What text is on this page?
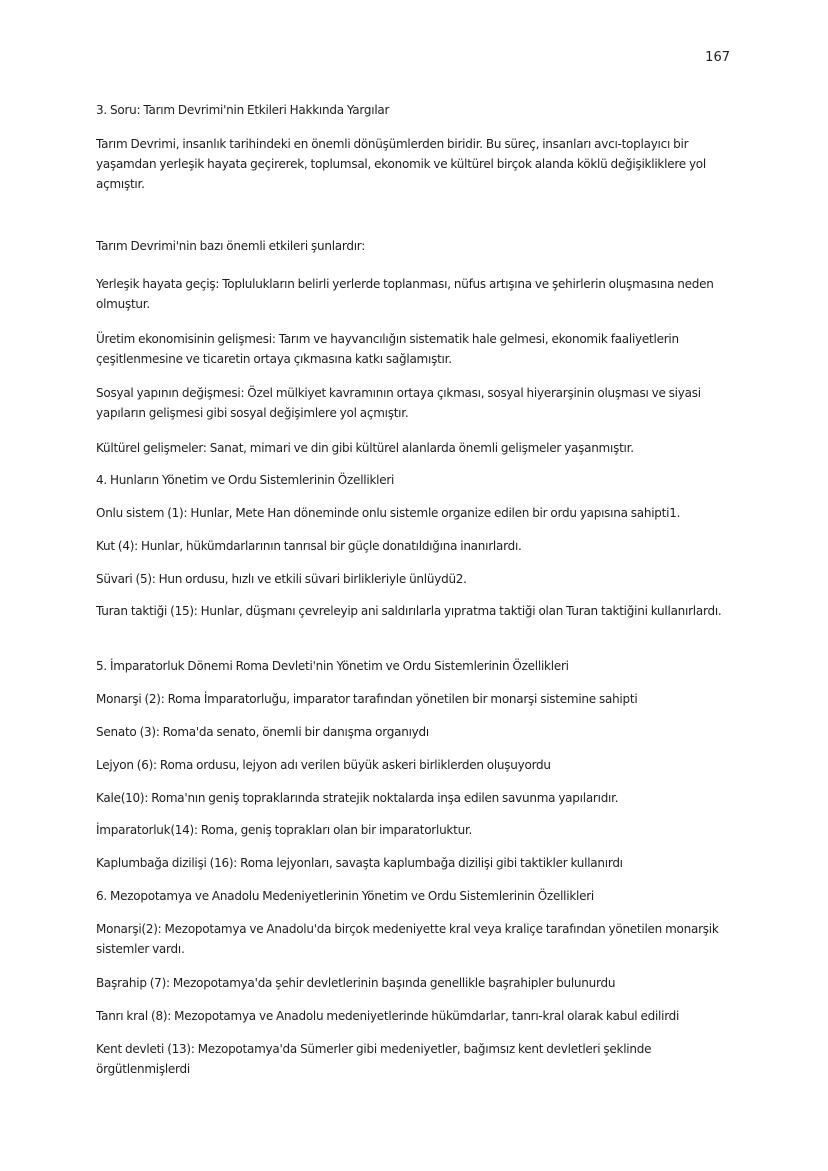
167
3. Soru: Tarım Devrimi'nin Etkileri Hakkında Yargılar
Tarım Devrimi, insanlık tarihindeki en önemli dönüşümlerden biridir. Bu süreç, insanları avcı-toplayıcı bir yaşamdan yerleşik hayata geçirerek, toplumsal, ekonomik ve kültürel birçok alanda köklü değişikliklere yol açmıştır.
Tarım Devrimi'nin bazı önemli etkileri şunlardır:
Yerleşik hayata geçiş: Toplulukların belirli yerlerde toplanması, nüfus artışına ve şehirlerin oluşmasına neden olmuştur.
Üretim ekonomisinin gelişmesi: Tarım ve hayvancılığın sistematik hale gelmesi, ekonomik faaliyetlerin çeşitlenmesine ve ticaretin ortaya çıkmasına katkı sağlamıştır.
Sosyal yapının değişmesi: Özel mülkiyet kavramının ortaya çıkması, sosyal hiyerarşinin oluşması ve siyasi yapıların gelişmesi gibi sosyal değişimlere yol açmıştır.
Kültürel gelişmeler: Sanat, mimari ve din gibi kültürel alanlarda önemli gelişmeler yaşanmıştır.
4. Hunların Yönetim ve Ordu Sistemlerinin Özellikleri
Onlu sistem (1): Hunlar, Mete Han döneminde onlu sistemle organize edilen bir ordu yapısına sahipti1.
Kut (4): Hunlar, hükümdarlarının tanrısal bir güçle donatıldığına inanırlardı.
Süvari (5): Hun ordusu, hızlı ve etkili süvari birlikleriyle ünlüydü2.
Turan taktiği (15): Hunlar, düşmanı çevreleyip ani saldırılarla yıpratma taktiği olan Turan taktiğini kullanırlardı.
5. İmparatorluk Dönemi Roma Devleti'nin Yönetim ve Ordu Sistemlerinin Özellikleri
Monarşi (2): Roma İmparatorluğu, imparator tarafından yönetilen bir monarşi sistemine sahipti
Senato (3): Roma'da senato, önemli bir danışma organıydı
Lejyon (6): Roma ordusu, lejyon adı verilen büyük askeri birliklerden oluşuyordu
Kale(10): Roma'nın geniş topraklarında stratejik noktalarda inşa edilen savunma yapılarıdır.
İmparatorluk(14): Roma, geniş toprakları olan bir imparatorluktur.
Kaplumbağa dizilişi (16): Roma lejyonları, savaşta kaplumbağa dizilişi gibi taktikler kullanırdı
6. Mezopotamya ve Anadolu Medeniyetlerinin Yönetim ve Ordu Sistemlerinin Özellikleri
Monarşi(2): Mezopotamya ve Anadolu'da birçok medeniyette kral veya kraliçe tarafından yönetilen monarşik sistemler vardı.
Başrahip (7): Mezopotamya'da şehir devletlerinin başında genellikle başrahipler bulunurdu
Tanrı kral (8): Mezopotamya ve Anadolu medeniyetlerinde hükümdarlar, tanrı-kral olarak kabul edilirdi
Kent devleti (13): Mezopotamya'da Sümerler gibi medeniyetler, bağımsız kent devletleri şeklinde örgütlenmişlerdi
